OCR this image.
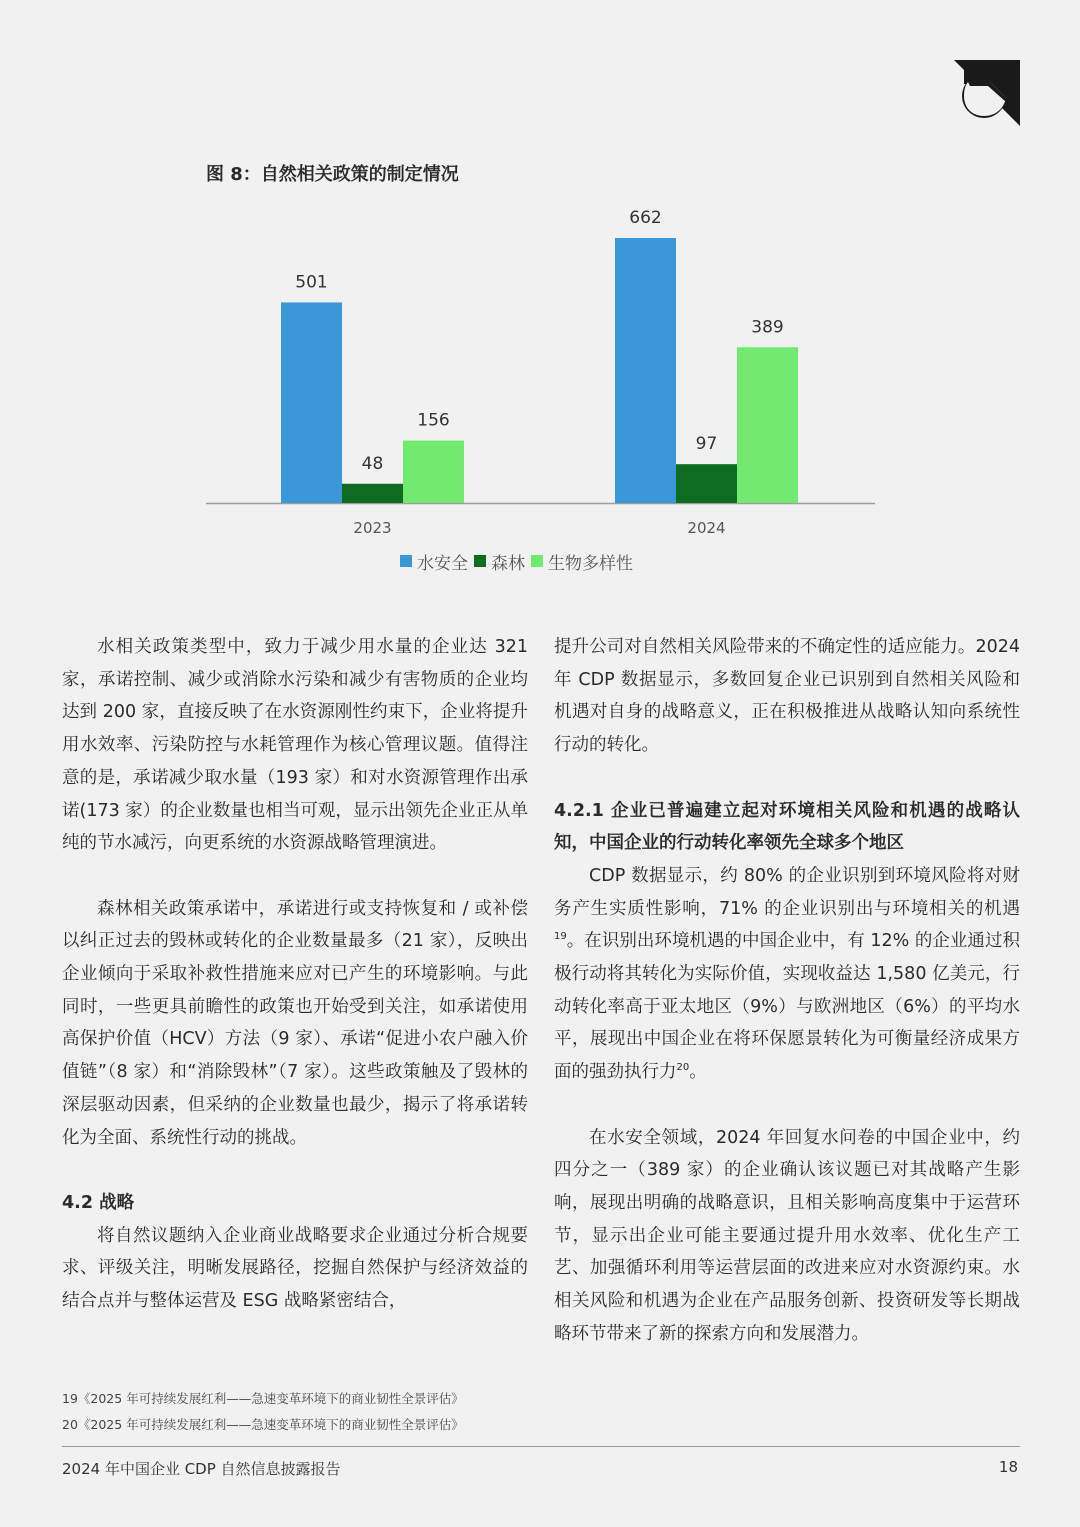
图 8：自然相关政策的制定情况
501
48
156
2023
662
97
389
2024
水安全 森林 生物多样性

水相关政策类型中，致力于减少用水量的企业达 321 家，承诺控制、减少或消除水污染和减少有害物质的企业均达到 200 家，直接反映了在水资源刚性约束下，企业将提升用水效率、污染防控与水耗管理作为核心管理议题。值得注意的是，承诺减少取水量（193 家）和对水资源管理作出承诺(173 家）的企业数量也相当可观，显示出领先企业正从单纯的节水减污，向更系统的水资源战略管理演进。

森林相关政策承诺中，承诺进行或支持恢复和 / 或补偿以纠正过去的毁林或转化的企业数量最多（21 家），反映出企业倾向于采取补救性措施来应对已产生的环境影响。与此同时，一些更具前瞻性的政策也开始受到关注，如承诺使用高保护价值（HCV）方法（9 家）、承诺“促进小农户融入价值链”（8 家）和“消除毁林”（7 家）。这些政策触及了毁林的深层驱动因素，但采纳的企业数量也最少，揭示了将承诺转化为全面、系统性行动的挑战。

4.2 战略

将自然议题纳入企业商业战略要求企业通过分析合规要求、评级关注，明晰发展路径，挖掘自然保护与经济效益的结合点并与整体运营及 ESG 战略紧密结合，

提升公司对自然相关风险带来的不确定性的适应能力。2024 年 CDP 数据显示，多数回复企业已识别到自然相关风险和机遇对自身的战略意义，正在积极推进从战略认知向系统性行动的转化。

4.2.1 企业已普遍建立起对环境相关风险和机遇的战略认知，中国企业的行动转化率领先全球多个地区

CDP 数据显示，约 80% 的企业识别到环境风险将对财务产生实质性影响，71% 的企业识别出与环境相关的机遇$^{19}$。在识别出环境机遇的中国企业中，有 12% 的企业通过积极行动将其转化为实际价值，实现收益达 1,580 亿美元，行动转化率高于亚太地区（9%）与欧洲地区（6%）的平均水平，展现出中国企业在将环保愿景转化为可衡量经济成果方面的强劲执行力$^{20}$。

在水安全领域，2024 年回复水问卷的中国企业中，约四分之一（389 家）的企业确认该议题已对其战略产生影响，展现出明确的战略意识，且相关影响高度集中于运营环节，显示出企业可能主要通过提升用水效率、优化生产工艺、加强循环利用等运营层面的改进来应对水资源约束。水相关风险和机遇为企业在产品服务创新、投资研发等长期战略环节带来了新的探索方向和发展潜力。

19《2025 年可持续发展红利——急速变革环境下的商业韧性全景评估》
20《2025 年可持续发展红利——急速变革环境下的商业韧性全景评估》
2024 年中国企业 CDP 自然信息披露报告	18
